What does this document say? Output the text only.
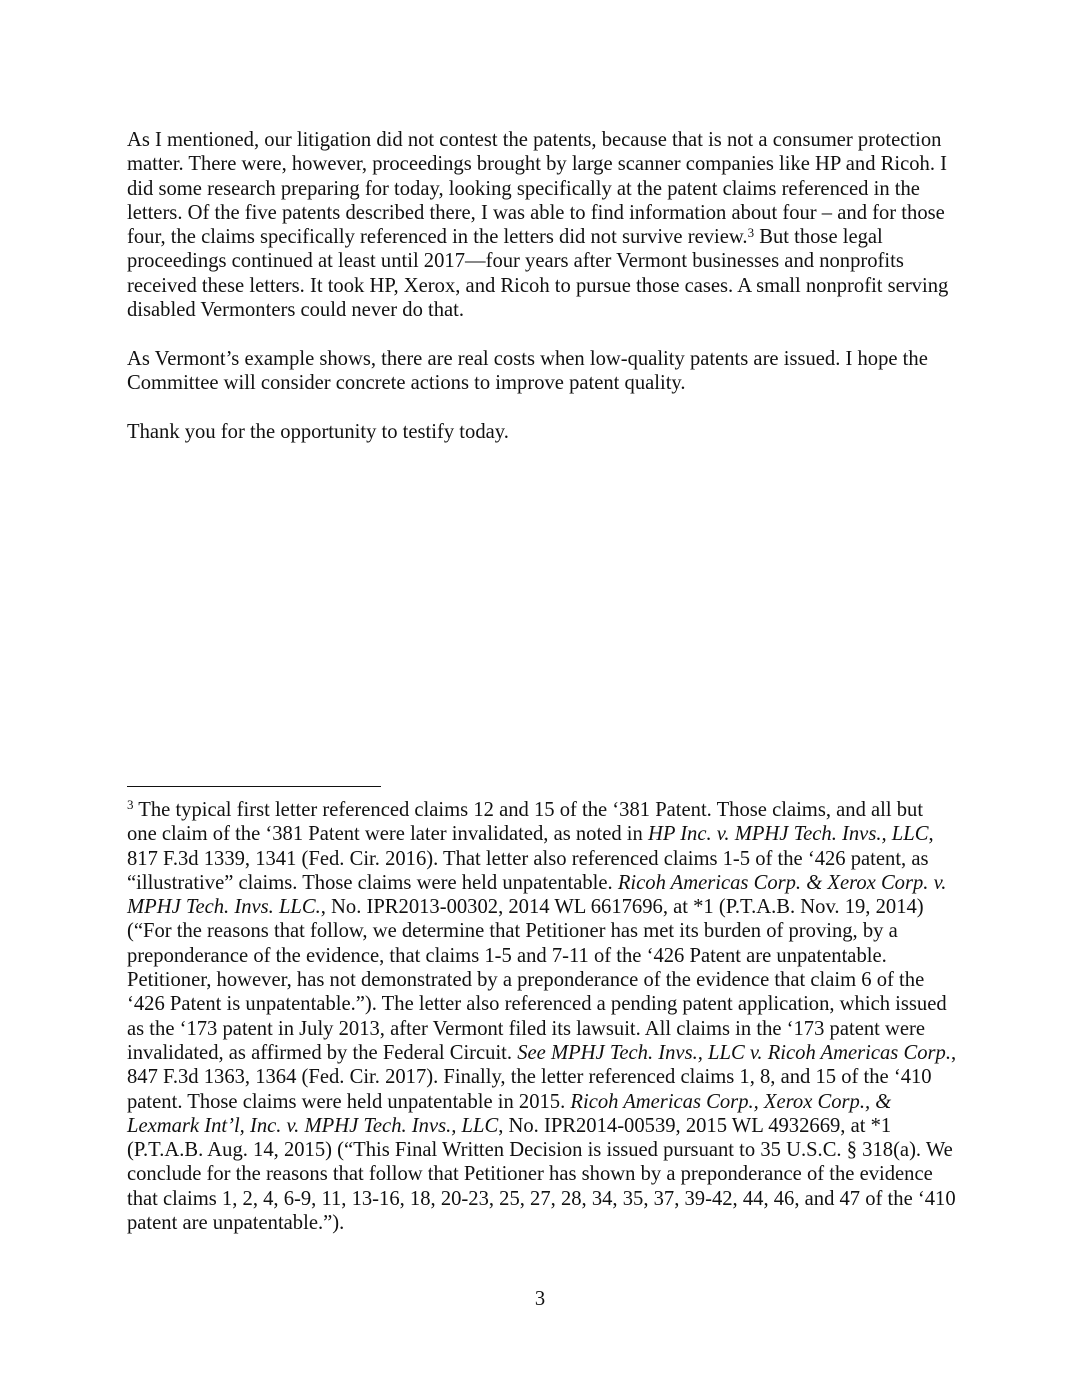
As I mentioned, our litigation did not contest the patents, because that is not a consumer protection matter. There were, however, proceedings brought by large scanner companies like HP and Ricoh. I did some research preparing for today, looking specifically at the patent claims referenced in the letters. Of the five patents described there, I was able to find information about four – and for those four, the claims specifically referenced in the letters did not survive review.$^3$ But those legal proceedings continued at least until 2017—four years after Vermont businesses and nonprofits received these letters. It took HP, Xerox, and Ricoh to pursue those cases. A small nonprofit serving disabled Vermonters could never do that.

As Vermont’s example shows, there are real costs when low-quality patents are issued. I hope the Committee will consider concrete actions to improve patent quality.

Thank you for the opportunity to testify today.

$^3$ The typical first letter referenced claims 12 and 15 of the ‘381 Patent. Those claims, and all but one claim of the ‘381 Patent were later invalidated, as noted in HP Inc. v. MPHJ Tech. Invs., LLC, 817 F.3d 1339, 1341 (Fed. Cir. 2016). That letter also referenced claims 1-5 of the ‘426 patent, as “illustrative” claims. Those claims were held unpatentable. Ricoh Americas Corp. & Xerox Corp. v. MPHJ Tech. Invs. LLC., No. IPR2013-00302, 2014 WL 6617696, at *1 (P.T.A.B. Nov. 19, 2014) (“For the reasons that follow, we determine that Petitioner has met its burden of proving, by a preponderance of the evidence, that claims 1-5 and 7-11 of the ‘426 Patent are unpatentable. Petitioner, however, has not demonstrated by a preponderance of the evidence that claim 6 of the ‘426 Patent is unpatentable.”). The letter also referenced a pending patent application, which issued as the ‘173 patent in July 2013, after Vermont filed its lawsuit. All claims in the ‘173 patent were invalidated, as affirmed by the Federal Circuit. See MPHJ Tech. Invs., LLC v. Ricoh Americas Corp., 847 F.3d 1363, 1364 (Fed. Cir. 2017). Finally, the letter referenced claims 1, 8, and 15 of the ‘410 patent. Those claims were held unpatentable in 2015. Ricoh Americas Corp., Xerox Corp., & Lexmark Int’l, Inc. v. MPHJ Tech. Invs., LLC, No. IPR2014-00539, 2015 WL 4932669, at *1 (P.T.A.B. Aug. 14, 2015) (“This Final Written Decision is issued pursuant to 35 U.S.C. § 318(a). We conclude for the reasons that follow that Petitioner has shown by a preponderance of the evidence that claims 1, 2, 4, 6-9, 11, 13-16, 18, 20-23, 25, 27, 28, 34, 35, 37, 39-42, 44, 46, and 47 of the ‘410 patent are unpatentable.”).
3
